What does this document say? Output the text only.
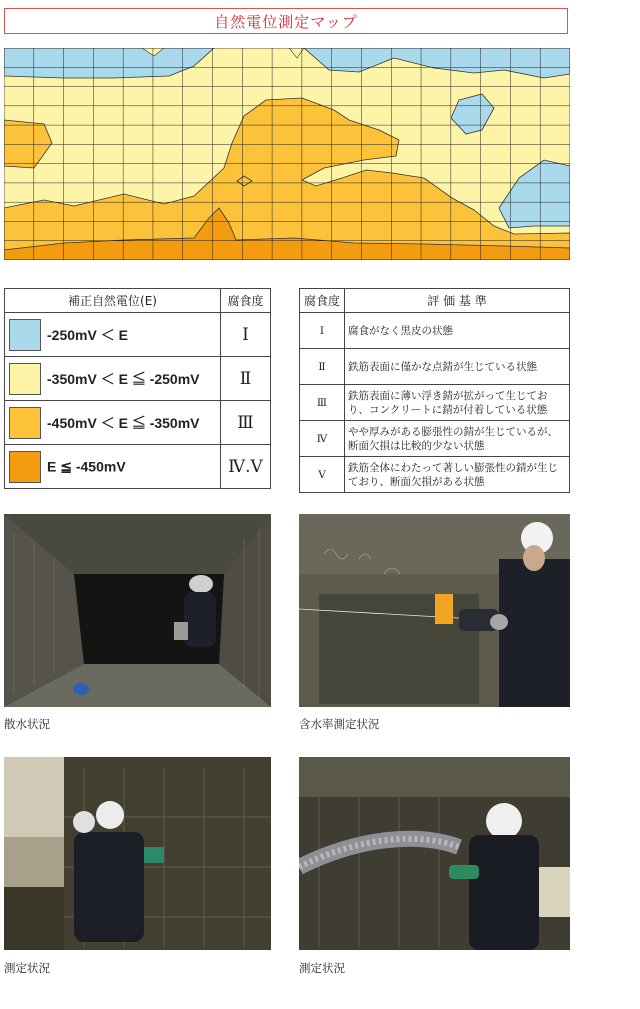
自然電位測定マップ
補正自然電位(E)	腐食度
-250mV ＜ E	Ⅰ
-350mV ＜ E ≦ -250mV	Ⅱ
-450mV ＜ E ≦ -350mV	Ⅲ
E ≦ -450mV	Ⅳ.Ⅴ
腐食度	評 価 基 準
Ⅰ	腐食がなく黒皮の状態
Ⅱ	鉄筋表面に僅かな点錆が生じている状態
Ⅲ	鉄筋表面に薄い浮き錆が拡がって生じており、コンクリートに錆が付着している状態
Ⅳ	やや厚みがある膨張性の錆が生じているが、断面欠損は比較的少ない状態
Ⅴ	鉄筋全体にわたって著しい膨張性の錆が生じており、断面欠損がある状態
散水状況	含水率測定状況
測定状況	測定状況
